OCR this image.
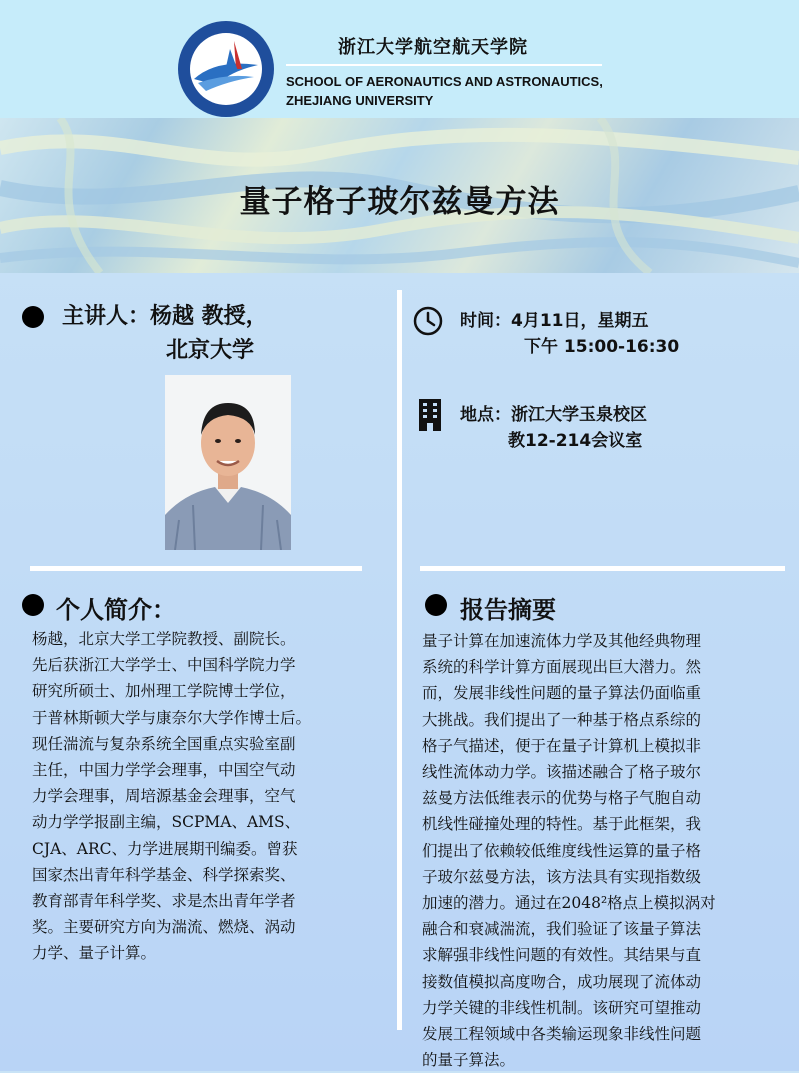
浙江大学航空航天学院
SCHOOL OF AERONAUTICS AND ASTRONAUTICS,
ZHEJIANG UNIVERSITY
量子格子玻尔兹曼方法
主讲人：杨越 教授，
北京大学
时间：4月11日，星期五
下午 15:00-16:30
地点：浙江大学玉泉校区
教12-214会议室
个人简介：

杨越，北京大学工学院教授、副院长。

先后获浙江大学学士、中国科学院力学

研究所硕士、加州理工学院博士学位，

于普林斯顿大学与康奈尔大学作博士后。

现任湍流与复杂系统全国重点实验室副

主任，中国力学学会理事，中国空气动

力学会理事，周培源基金会理事，空气

动力学学报副主编，SCPMA、AMS、

CJA、ARC、力学进展期刊编委。曾获

国家杰出青年科学基金、科学探索奖、

教育部青年科学奖、求是杰出青年学者

奖。主要研究方向为湍流、燃烧、涡动

力学、量子计算。

报告摘要

量子计算在加速流体力学及其他经典物理

系统的科学计算方面展现出巨大潜力。然

而，发展非线性问题的量子算法仍面临重

大挑战。我们提出了一种基于格点系综的

格子气描述，便于在量子计算机上模拟非

线性流体动力学。该描述融合了格子玻尔

兹曼方法低维表示的优势与格子气胞自动

机线性碰撞处理的特性。基于此框架，我

们提出了依赖较低维度线性运算的量子格

子玻尔兹曼方法，该方法具有实现指数级

加速的潜力。通过在2048²格点上模拟涡对

融合和衰减湍流，我们验证了该量子算法

求解强非线性问题的有效性。其结果与直

接数值模拟高度吻合，成功展现了流体动

力学关键的非线性机制。该研究可望推动

发展工程领域中各类输运现象非线性问题

的量子算法。
